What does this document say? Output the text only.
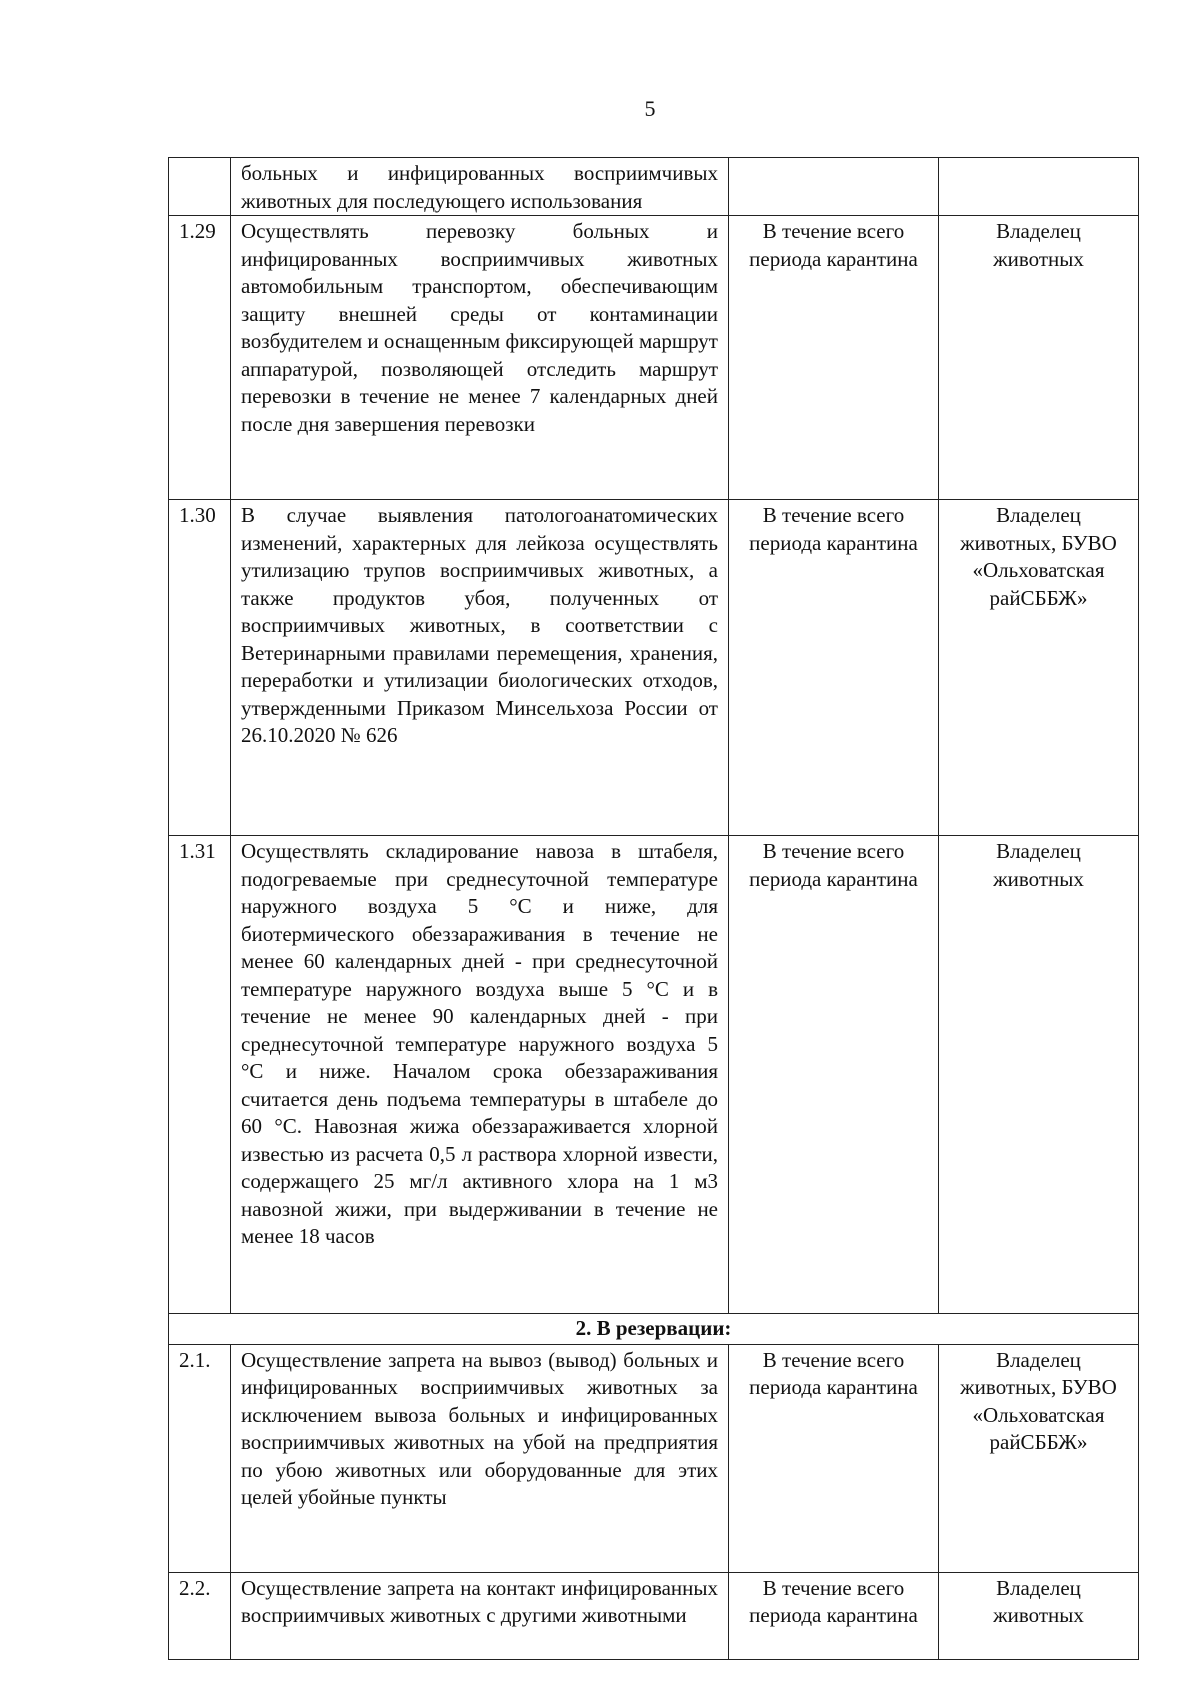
5
	больных и инфицированных восприимчивых животных для последующего использования		
1.29	Осуществлять перевозку больных и инфицированных восприимчивых животных автомобильным транспортом, обеспечивающим защиту внешней среды от контаминации возбудителем и оснащенным фиксирующей маршрут аппаратурой, позволяющей отследить маршрут перевозки в течение не менее 7 календарных дней после дня завершения перевозки	В течение всего периода карантина	Владелец животных
1.30	В случае выявления патологоанатомических изменений, характерных для лейкоза осуществлять утилизацию трупов восприимчивых животных, а также продуктов убоя, полученных от восприимчивых животных, в соответствии с Ветеринарными правилами перемещения, хранения, переработки и утилизации биологических отходов, утвержденными Приказом Минсельхоза России от 26.10.2020 № 626	В течение всего периода карантина	Владелец животных, БУВО «Ольховатская райСББЖ»
1.31	Осуществлять складирование навоза в штабеля, подогреваемые при среднесуточной температуре наружного воздуха 5 °С и ниже, для биотермического обеззараживания в течение не менее 60 календарных дней - при среднесуточной температуре наружного воздуха выше 5 °С и в течение не менее 90 календарных дней - при среднесуточной температуре наружного воздуха 5 °С и ниже. Началом срока обеззараживания считается день подъема температуры в штабеле до 60 °С. Навозная жижа обеззараживается хлорной известью из расчета 0,5 л раствора хлорной извести, содержащего 25 мг/л активного хлора на 1 м3 навозной жижи, при выдерживании в течение не менее 18 часов	В течение всего периода карантина	Владелец животных
2. В резервации:			
2.1.	Осуществление запрета на вывоз (вывод) больных и инфицированных восприимчивых животных за исключением вывоза больных и инфицированных восприимчивых животных на убой на предприятия по убою животных или оборудованные для этих целей убойные пункты	В течение всего периода карантина	Владелец животных, БУВО «Ольховатская райСББЖ»
2.2.	Осуществление запрета на контакт инфицированных восприимчивых животных с другими животными	В течение всего периода карантина	Владелец животных
